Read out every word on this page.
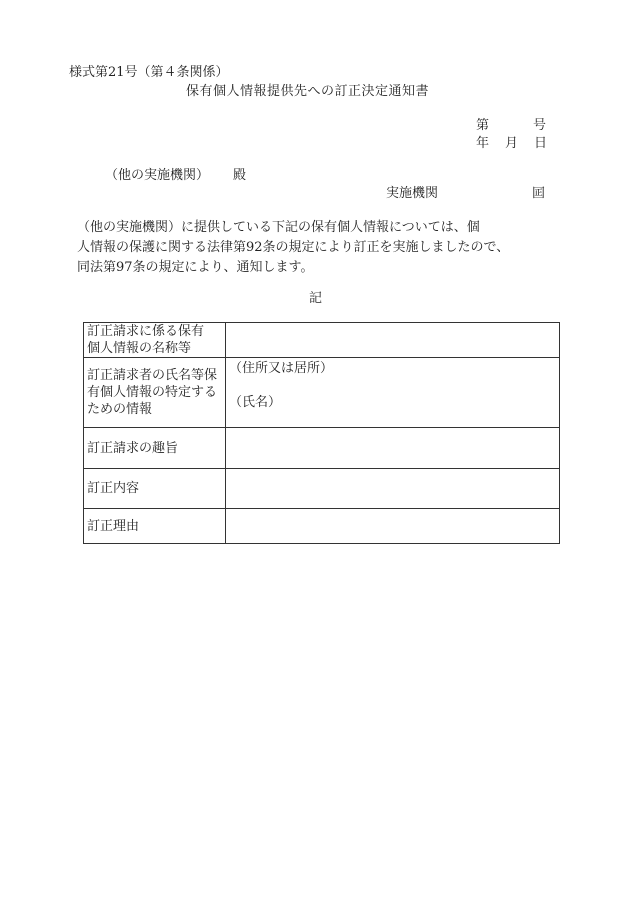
様式第21号（第４条関係）
保有個人情報提供先への訂正決定通知書
第	号
年 月 日
（他の実施機関） 殿
実施機関	囸
（他の実施機関）に提供している下記の保有個人情報については、個
人情報の保護に関する法律第92条の規定により訂正を実施しましたので、
同法第97条の規定により、通知します。
記
訂正請求に係る保有個人情報の名称等	

訂正請求者の氏名等保有個人情報の特定するための情報	（住所又は居所）
（氏名）

訂正請求の趣旨	
訂正内容	
訂正理由	
